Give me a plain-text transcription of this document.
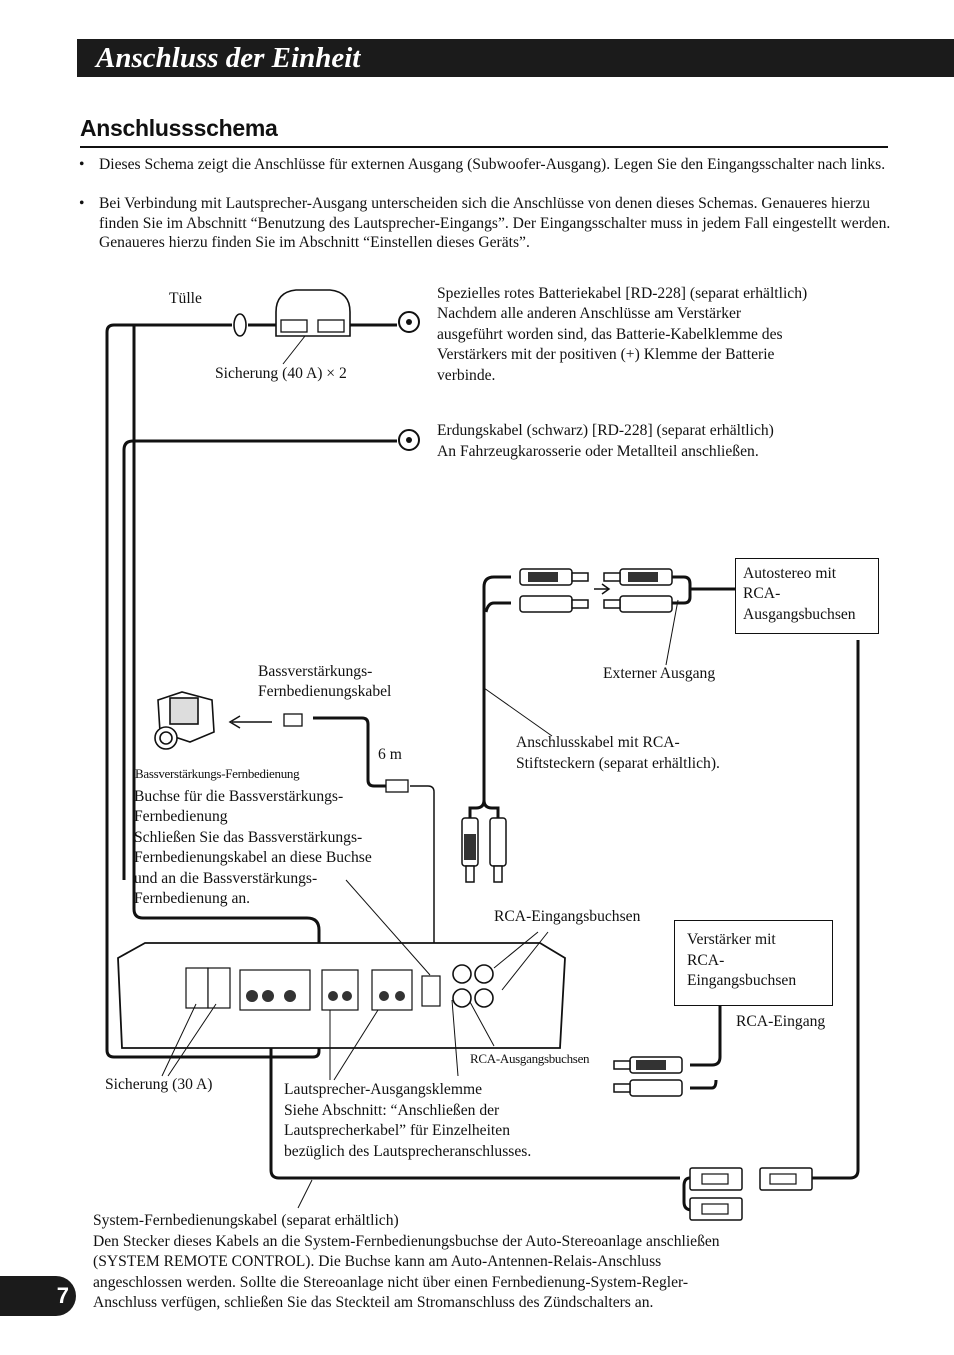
Anschluss der Einheit
Anschlussschema
• Dieses Schema zeigt die Anschlüsse für externen Ausgang (Subwoofer-Ausgang). Legen Sie den Eingangsschalter nach links.
• Bei Verbindung mit Lautsprecher-Ausgang unterscheiden sich die Anschlüsse von denen dieses Schemas. Genaueres hierzu finden Sie im Abschnitt “Benutzung des Lautsprecher-Eingangs”. Der Eingangsschalter muss in jedem Fall eingestellt werden. Genaueres hierzu finden Sie im Abschnitt “Einstellen dieses Geräts”.
Tülle
Sicherung (40 A) × 2
Spezielles rotes Batteriekabel [RD-228] (separat erhältlich)
Nachdem alle anderen Anschlüsse am Verstärker
ausgeführt worden sind, das Batterie-Kabelklemme des
Verstärkers mit der positiven (+) Klemme der Batterie
verbinde.
Erdungskabel (schwarz) [RD-228] (separat erhältlich)
An Fahrzeugkarosserie oder Metallteil anschließen.
Autostereo mit
RCA-
Ausgangsbuchsen
Externer Ausgang
Bassverstärkungs-
Fernbedienungskabel
6 m
Bassverstärkungs-Fernbedienung
Anschlusskabel mit RCA-
Stiftsteckern (separat erhältlich).
Buchse für die Bassverstärkungs-
Fernbedienung
Schließen Sie das Bassverstärkungs-
Fernbedienungskabel an diese Buchse
und an die Bassverstärkungs-
Fernbedienung an.
RCA-Eingangsbuchsen
Verstärker mit
RCA-
Eingangsbuchsen
RCA-Eingang
RCA-Ausgangsbuchsen
Sicherung (30 A)	Lautsprecher-Ausgangsklemme
Siehe Abschnitt: “Anschließen der
Lautsprecherkabel” für Einzelheiten
bezüglich des Lautsprecheranschlusses.
System-Fernbedienungskabel (separat erhältlich)
Den Stecker dieses Kabels an die System-Fernbedienungsbuchse der Auto-Stereoanlage anschließen
(SYSTEM REMOTE CONTROL). Die Buchse kann am Auto-Antennen-Relais-Anschluss
angeschlossen werden. Sollte die Stereoanlage nicht über einen Fernbedienung-System-Regler-
Anschluss verfügen, schließen Sie das Steckteil am Stromanschluss des Zündschalters an.
7
